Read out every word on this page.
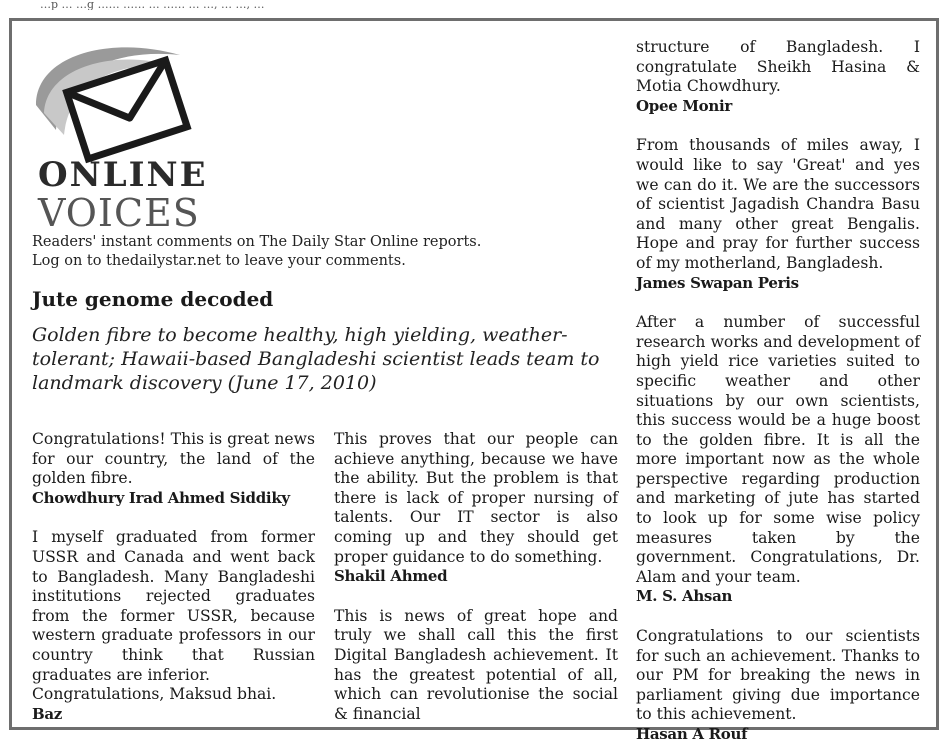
…p … …g …… …… … …… … …, … …, …
ONLINE
VOICES
Readers' instant comments on The Daily Star Online reports.
Log on to thedailystar.net to leave your comments.
Jute genome decoded
Golden fibre to become healthy, high yielding, weather-tolerant; Hawaii-based Bangladeshi scientist leads team to landmark discovery (June 17, 2010)

Congratulations! This is great news for our country, the land of the golden fibre.

Chowdhury Irad Ahmed Siddiky

I myself graduated from former USSR and Canada and went back to Bangladesh. Many Bangladeshi institutions rejected graduates from the former USSR, because western graduate professors in our country think that Russian graduates are inferior.

Congratulations, Maksud bhai.

Baz

This proves that our people can achieve anything, because we have the ability. But the problem is that there is lack of proper nursing of talents. Our IT sector is also coming up and they should get proper guidance to do something.

Shakil Ahmed

This is news of great hope and truly we shall call this the first Digital Bangladesh achievement. It has the greatest potential of all, which can revolutionise the social & financial

structure of Bangladesh. I congratulate Sheikh Hasina & Motia Chowdhury.

Opee Monir

From thousands of miles away, I would like to say 'Great' and yes we can do it. We are the successors of scientist Jagadish Chandra Basu and many other great Bengalis. Hope and pray for further success of my motherland, Bangladesh.

James Swapan Peris

After a number of successful research works and development of high yield rice varieties suited to specific weather and other situations by our own scientists, this success would be a huge boost to the golden fibre. It is all the more important now as the whole perspective regarding production and marketing of jute has started to look up for some wise policy measures taken by the government. Congratulations, Dr. Alam and your team.

M. S. Ahsan

Congratulations to our scientists for such an achievement. Thanks to our PM for breaking the news in parliament giving due importance to this achievement.

Hasan A Rouf
